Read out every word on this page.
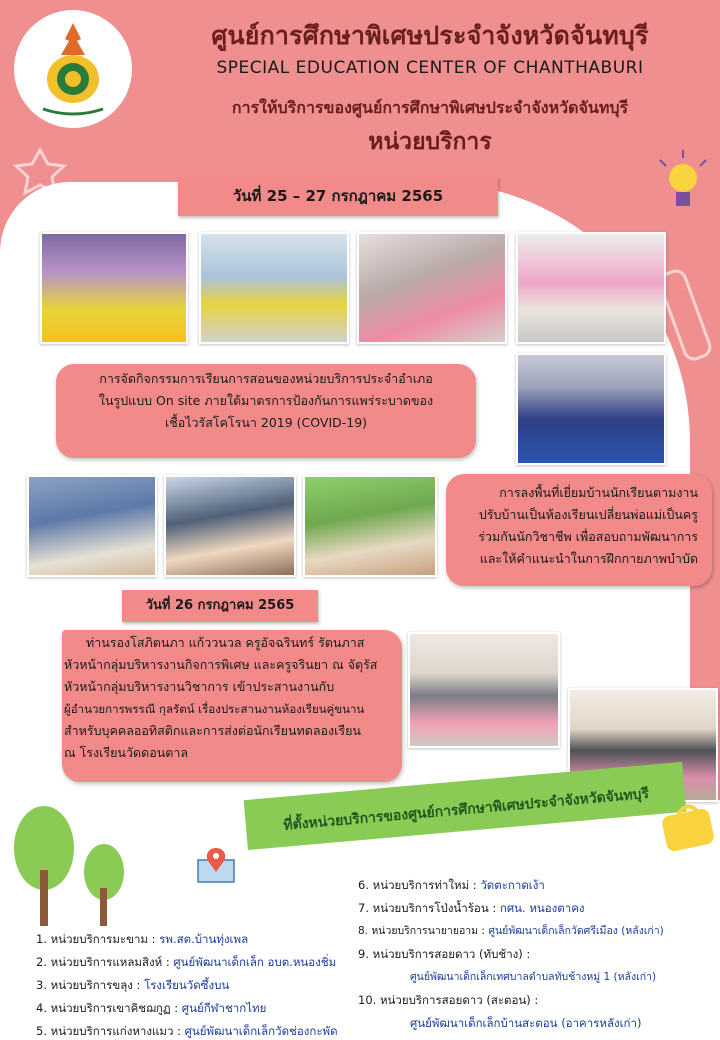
ศูนย์การศึกษาพิเศษประจำจังหวัดจันทบุรี
SPECIAL EDUCATION CENTER OF CHANTHABURI
การให้บริการของศูนย์การศึกษาพิเศษประจำจังหวัดจันทบุรี
หน่วยบริการ
วันที่ 25 – 27 กรกฎาคม 2565
การจัดกิจกรรมการเรียนการสอนของหน่วยบริการประจำอำเภอ
ในรูปแบบ On site ภายใต้มาตรการป้องกันการแพร่ระบาดของ
เชื้อไวรัสโคโรนา 2019 (COVID-19)
การลงพื้นที่เยี่ยมบ้านนักเรียนตามงาน
ปรับบ้านเป็นห้องเรียนเปลี่ยนพ่อแม่เป็นครู
ร่วมกันนักวิชาชีพ เพื่อสอบถามพัฒนาการ
และให้คำแนะนำในการฝึกกายภาพบำบัด
วันที่ 26 กรกฎาคม 2565
ท่านรองโสภิตนภา แก้ววนวล ครูอัจฉรินทร์ รัตนภาส
หัวหน้ากลุ่มบริหารงานกิจการพิเศษ และครูจรินยา ณ จัตุรัส
หัวหน้ากลุ่มบริหารงานวิชาการ เข้าประสานงานกับ
ผู้อำนวยการพรรณี กุลรัตน์ เรื่องประสานงานห้องเรียนคู่ขนาน
สำหรับบุคคลออทิสติกและการส่งต่อนักเรียนทดลองเรียน
ณ โรงเรียนวัดดอนตาล
ที่ตั้งหน่วยบริการของศูนย์การศึกษาพิเศษประจำจังหวัดจันทบุรี
1. หน่วยบริการมะขาม : รพ.สต.บ้านทุ่งเพล
2. หน่วยบริการแหลมสิงห์ : ศูนย์พัฒนาเด็กเล็ก อบต.หนองชิ่ม
3. หน่วยบริการขลุง : โรงเรียนวัดซึ้งบน
4. หน่วยบริการเขาคิชฌกูฏ : ศูนย์กีฬาชากไทย
5. หน่วยบริการแก่งหางแมว : ศูนย์พัฒนาเด็กเล็กวัดช่องกะพัด
6. หน่วยบริการท่าใหม่ : วัดตะกาดเง้า
7. หน่วยบริการโป่งน้ำร้อน : กศน. หนองตาคง
8. หน่วยบริการนายายอาม : ศูนย์พัฒนาเด็กเล็กวัดศรีเมือง (หลังเก่า)
9. หน่วยบริการสอยดาว (ทับช้าง) :
ศูนย์พัฒนาเด็กเล็กเทศบาลตำบลทับช้างหมู่ 1 (หลังเก่า)
10. หน่วยบริการสอยดาว (สะตอน) :
ศูนย์พัฒนาเด็กเล็กบ้านสะตอน (อาคารหลังเก่า)
